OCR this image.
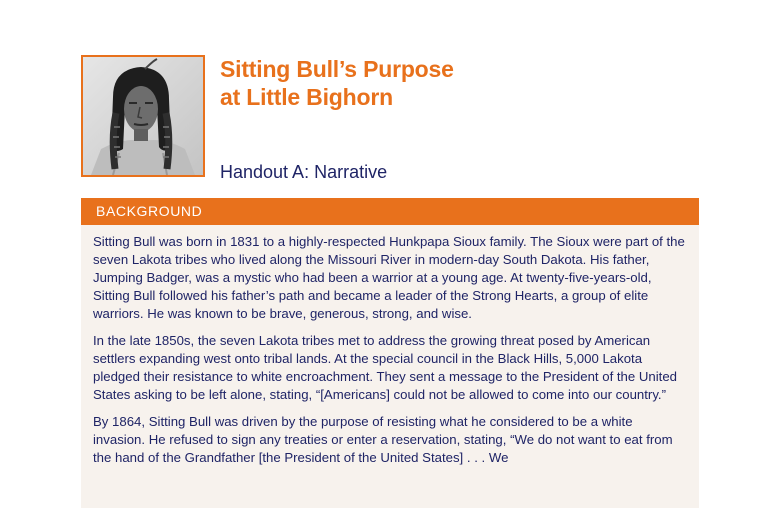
Sitting Bull’s Purpose
at Little Bighorn
Handout A: Narrative
BACKGROUND

Sitting Bull was born in 1831 to a highly-respected Hunkpapa Sioux family. The Sioux were part of the seven Lakota tribes who lived along the Missouri River in modern-day South Dakota. His father, Jumping Badger, was a mystic who had been a warrior at a young age. At twenty-five-years-old, Sitting Bull followed his father’s path and became a leader of the Strong Hearts, a group of elite warriors. He was known to be brave, generous, strong, and wise.

In the late 1850s, the seven Lakota tribes met to address the growing threat posed by American settlers expanding west onto tribal lands. At the special council in the Black Hills, 5,000 Lakota pledged their resistance to white encroachment. They sent a message to the President of the United States asking to be left alone, stating, “[Americans] could not be allowed to come into our country.”

By 1864, Sitting Bull was driven by the purpose of resisting what he considered to be a white invasion. He refused to sign any treaties or enter a reservation, stating, “We do not want to eat from the hand of the Grandfather [the President of the United States] . . . We
